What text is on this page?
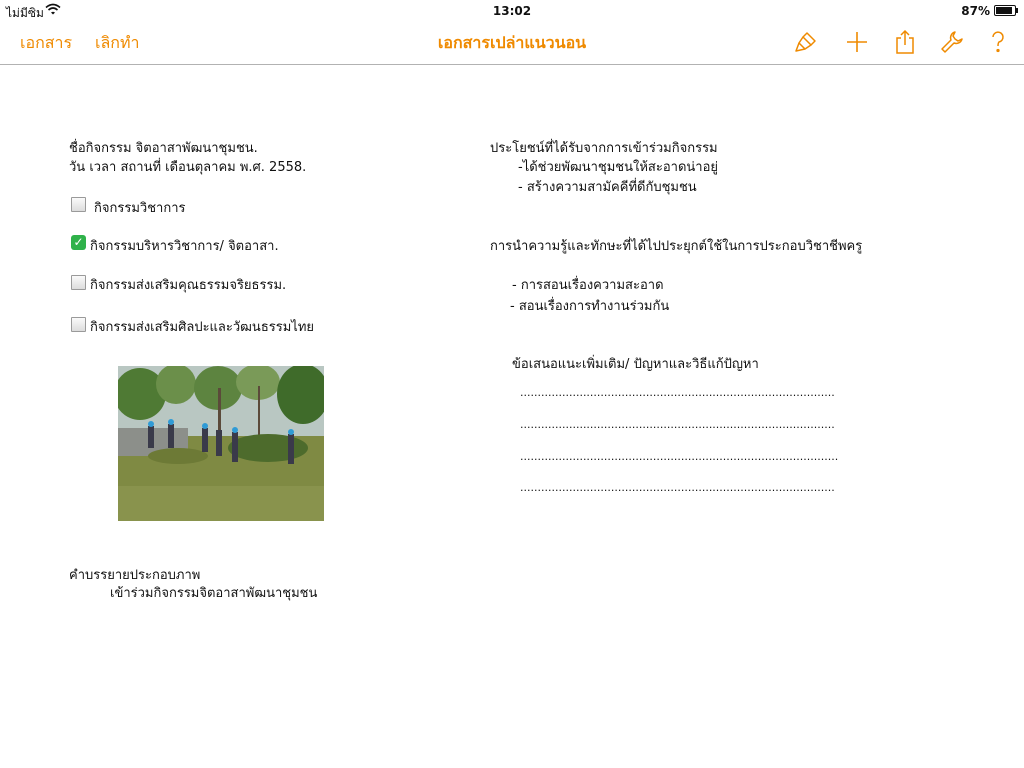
ไม่มีซิม	13:02	87%
เอกสาร เลิกทำ	เอกสารเปล่าแนวนอน
ชื่อกิจกรรม จิตอาสาพัฒนาชุมชน.
วัน เวลา สถานที่ เดือนตุลาคม พ.ศ. 2558.
กิจกรรมวิชาการ
✓ กิจกรรมบริหารวิชาการ/ จิตอาสา.
กิจกรรมส่งเสริมคุณธรรมจริยธรรม.
กิจกรรมส่งเสริมศิลปะและวัฒนธรรมไทย
คำบรรยายประกอบภาพ
เข้าร่วมกิจกรรมจิตอาสาพัฒนาชุมชน
ประโยชน์ที่ได้รับจากการเข้าร่วมกิจกรรม
-ได้ช่วยพัฒนาชุมชนให้สะอาดน่าอยู่
- สร้างความสามัคคีที่ดีกับชุมชน
การนำความรู้และทักษะที่ได้ไปประยุกต์ใช้ในการประกอบวิชาชีพครู
- การสอนเรื่องความสะอาด
- สอนเรื่องการทำงานร่วมกัน
ข้อเสนอแนะเพิ่มเติม/ ปัญหาและวิธีแก้ปัญหา
..........................................................................................
..........................................................................................
...........................................................................................
..........................................................................................
